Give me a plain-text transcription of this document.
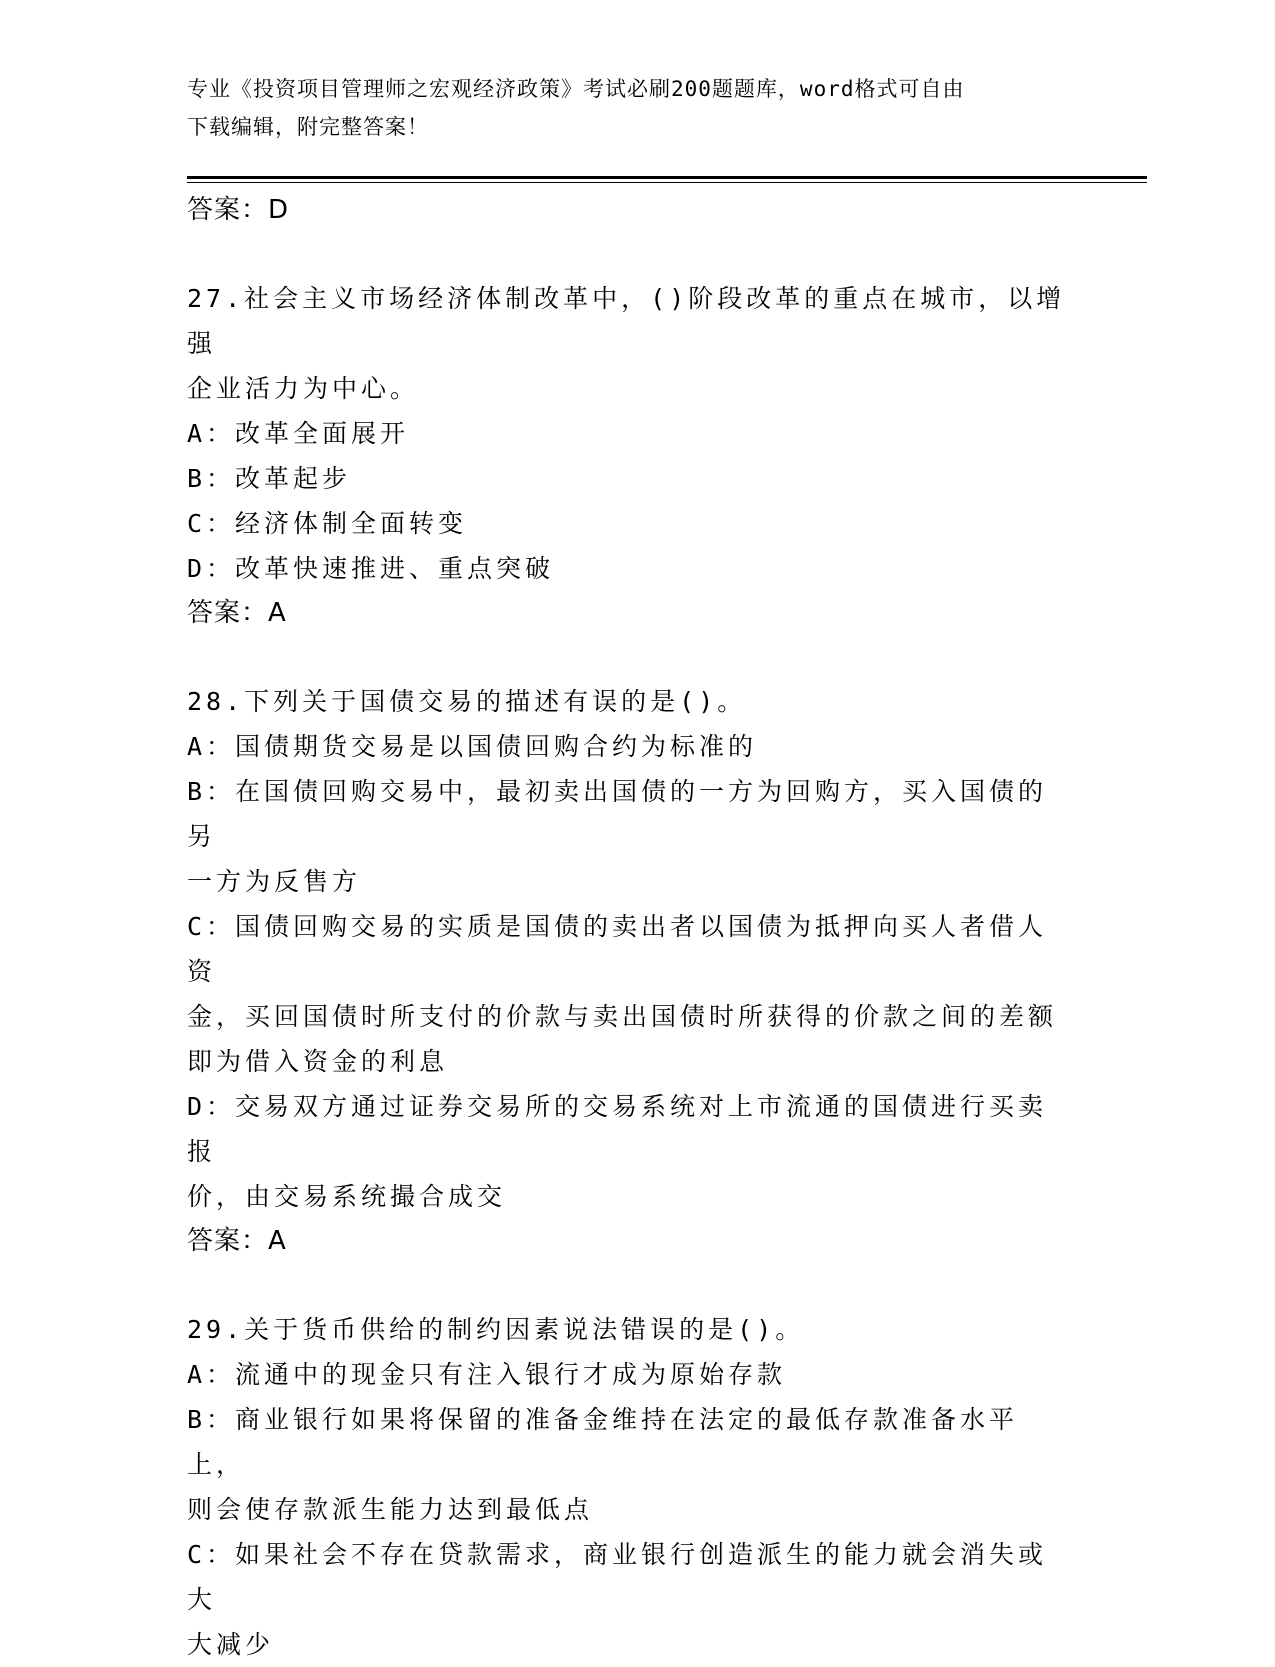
专业《投资项目管理师之宏观经济政策》考试必刷200题题库，word格式可自由
下载编辑，附完整答案！
答案：D
27.社会主义市场经济体制改革中，()阶段改革的重点在城市，以增强
企业活力为中心。
A：改革全面展开
B：改革起步
C：经济体制全面转变
D：改革快速推进、重点突破
答案：A
28.下列关于国债交易的描述有误的是()。
A：国债期货交易是以国债回购合约为标准的
B：在国债回购交易中，最初卖出国债的一方为回购方，买入国债的另
一方为反售方
C：国债回购交易的实质是国债的卖出者以国债为抵押向买人者借人资
金，买回国债时所支付的价款与卖出国债时所获得的价款之间的差额
即为借入资金的利息
D：交易双方通过证券交易所的交易系统对上市流通的国债进行买卖报
价，由交易系统撮合成交
答案：A
29.关于货币供给的制约因素说法错误的是()。
A：流通中的现金只有注入银行才成为原始存款
B：商业银行如果将保留的准备金维持在法定的最低存款准备水平上，
则会使存款派生能力达到最低点
C：如果社会不存在贷款需求，商业银行创造派生的能力就会消失或大
大减少
